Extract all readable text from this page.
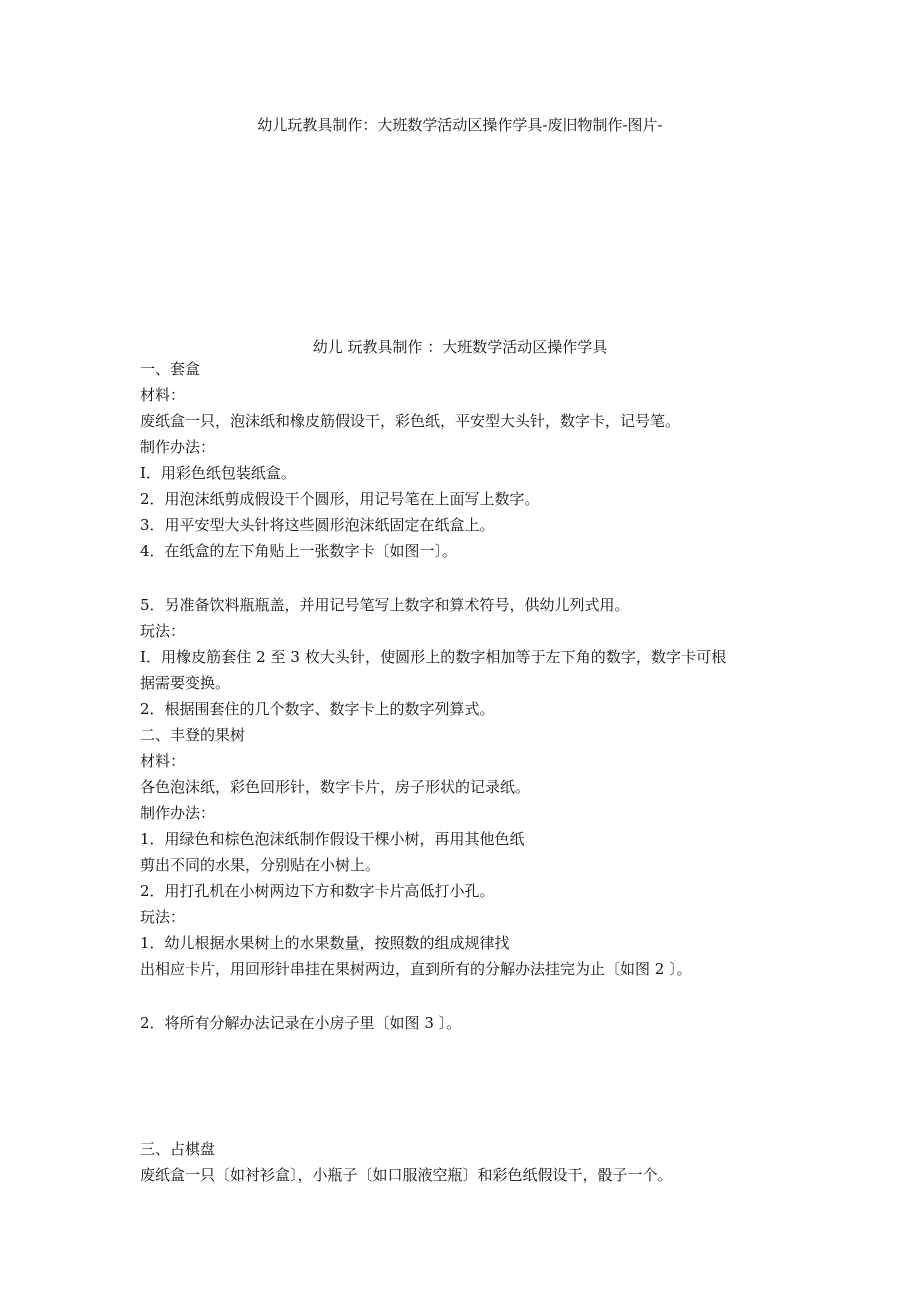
幼儿玩教具制作：大班数学活动区操作学具-废旧物制作-图片-
幼儿 玩教具制作 ：大班数学活动区操作学具
一、套盒
材料：
废纸盒一只，泡沫纸和橡皮筋假设干，彩色纸，平安型大头针，数字卡，记号笔。
制作办法：
I．用彩色纸包装纸盒。
2．用泡沫纸剪成假设干个圆形，用记号笔在上面写上数字。
3．用平安型大头针将这些圆形泡沫纸固定在纸盒上。
4．在纸盒的左下角贴上一张数字卡〔如图一〕。
5．另准备饮料瓶瓶盖，并用记号笔写上数字和算术符号，供幼儿列式用。
玩法：
I．用橡皮筋套住 2 至 3 枚大头针，使圆形上的数字相加等于左下角的数字，数字卡可根
据需要变换。
2．根据围套住的几个数字、数字卡上的数字列算式。
二、丰登的果树
材料：
各色泡沫纸，彩色回形针，数字卡片，房子形状的记录纸。
制作办法：
1．用绿色和棕色泡沫纸制作假设干棵小树，再用其他色纸
剪出不同的水果，分别贴在小树上。
2．用打孔机在小树两边下方和数字卡片高低打小孔。
玩法：
1．幼儿根据水果树上的水果数量，按照数的组成规律找
出相应卡片，用回形针串挂在果树两边，直到所有的分解办法挂完为止〔如图 2 〕。
2．将所有分解办法记录在小房子里〔如图 3 〕。
三、占棋盘
废纸盒一只〔如衬衫盒〕，小瓶子〔如口服液空瓶〕和彩色纸假设干，骰子一个。
